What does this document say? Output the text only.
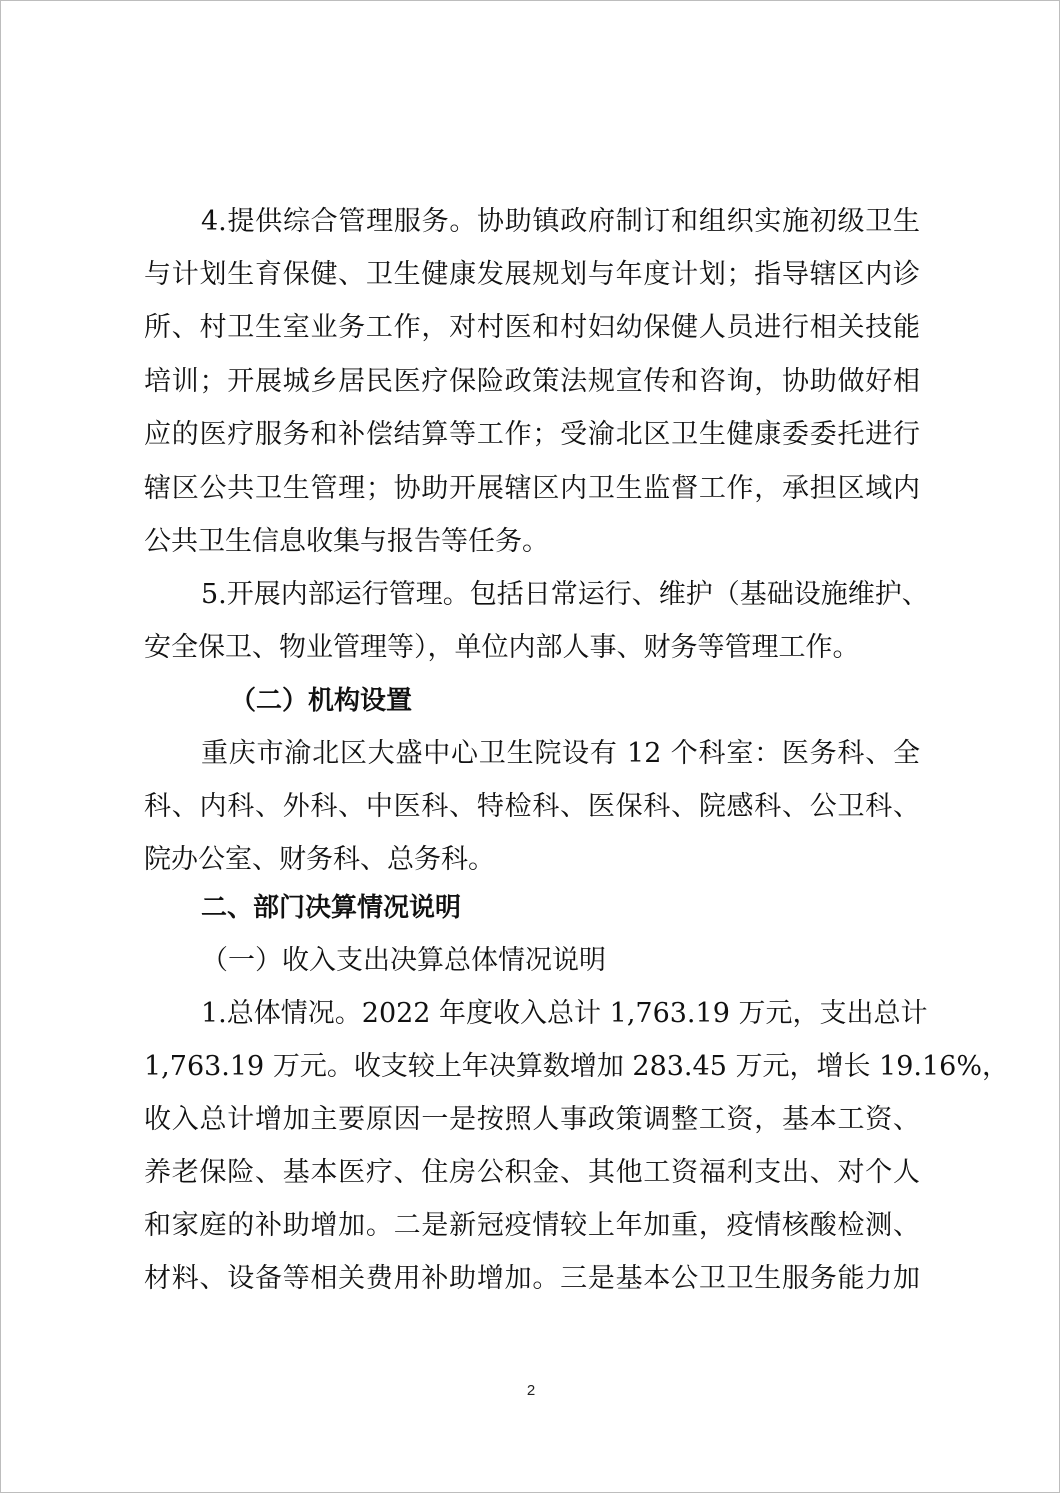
4.提供综合管理服务。协助镇政府制订和组织实施初级卫生
与计划生育保健、卫生健康发展规划与年度计划；指导辖区内诊
所、村卫生室业务工作，对村医和村妇幼保健人员进行相关技能
培训；开展城乡居民医疗保险政策法规宣传和咨询，协助做好相
应的医疗服务和补偿结算等工作；受渝北区卫生健康委委托进行
辖区公共卫生管理；协助开展辖区内卫生监督工作，承担区域内
公共卫生信息收集与报告等任务。
5.开展内部运行管理。包括日常运行、维护（基础设施维护、
安全保卫、物业管理等），单位内部人事、财务等管理工作。
（二）机构设置
重庆市渝北区大盛中心卫生院设有 12 个科室：医务科、全
科、内科、外科、中医科、特检科、医保科、院感科、公卫科、
院办公室、财务科、总务科。
二、部门决算情况说明
（一）收入支出决算总体情况说明
1.总体情况。2022 年度收入总计 1,763.19 万元，支出总计
1,763.19 万元。收支较上年决算数增加 283.45 万元，增长 19.16%，
收入总计增加主要原因一是按照人事政策调整工资，基本工资、
养老保险、基本医疗、住房公积金、其他工资福利支出、对个人
和家庭的补助增加。二是新冠疫情较上年加重，疫情核酸检测、
材料、设备等相关费用补助增加。三是基本公卫卫生服务能力加
2
